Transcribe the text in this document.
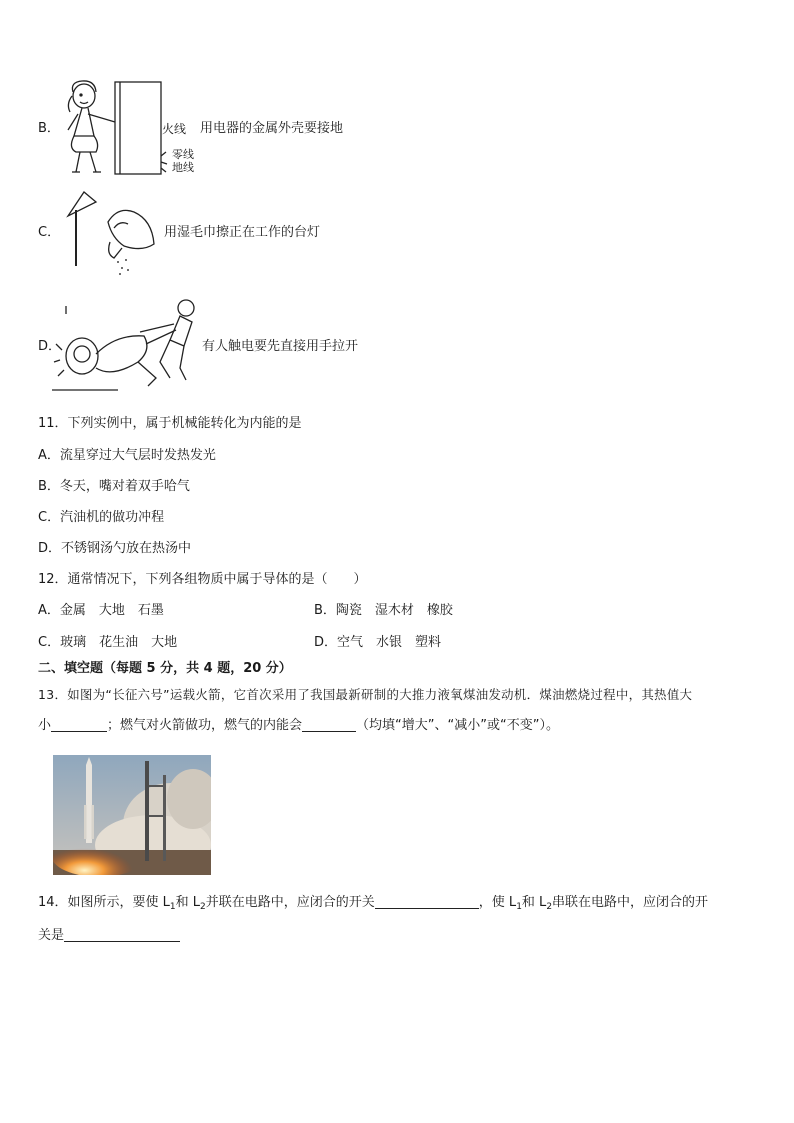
B．	火线 用电器的金属外壳要接地
零线
地线
C．	用湿毛巾擦正在工作的台灯
D．	有人触电要先直接用手拉开
11．下列实例中，属于机械能转化为内能的是
A．流星穿过大气层时发热发光
B．冬天，嘴对着双手哈气
C．汽油机的做功冲程
D．不锈钢汤勺放在热汤中
12．通常情况下，下列各组物质中属于导体的是（　　）
A．金属　大地　石墨	B．陶瓷　湿木材　橡胶
C．玻璃　花生油　大地	D．空气　水银　塑料
二、填空题（每题 5 分，共 4 题，20 分）
13．如图为“长征六号”运载火箭，它首次采用了我国最新研制的大推力液氧煤油发动机．煤油燃烧过程中，其热值大
小	；燃气对火箭做功，燃气的内能会	（均填“增大”、“减小”或“不变”）。
14．如图所示，要使 $L_1$和 $L_2$并联在电路中，应闭合的开关	，使 $L_1$和 $L_2$串联在电路中，应闭合的开
关是
